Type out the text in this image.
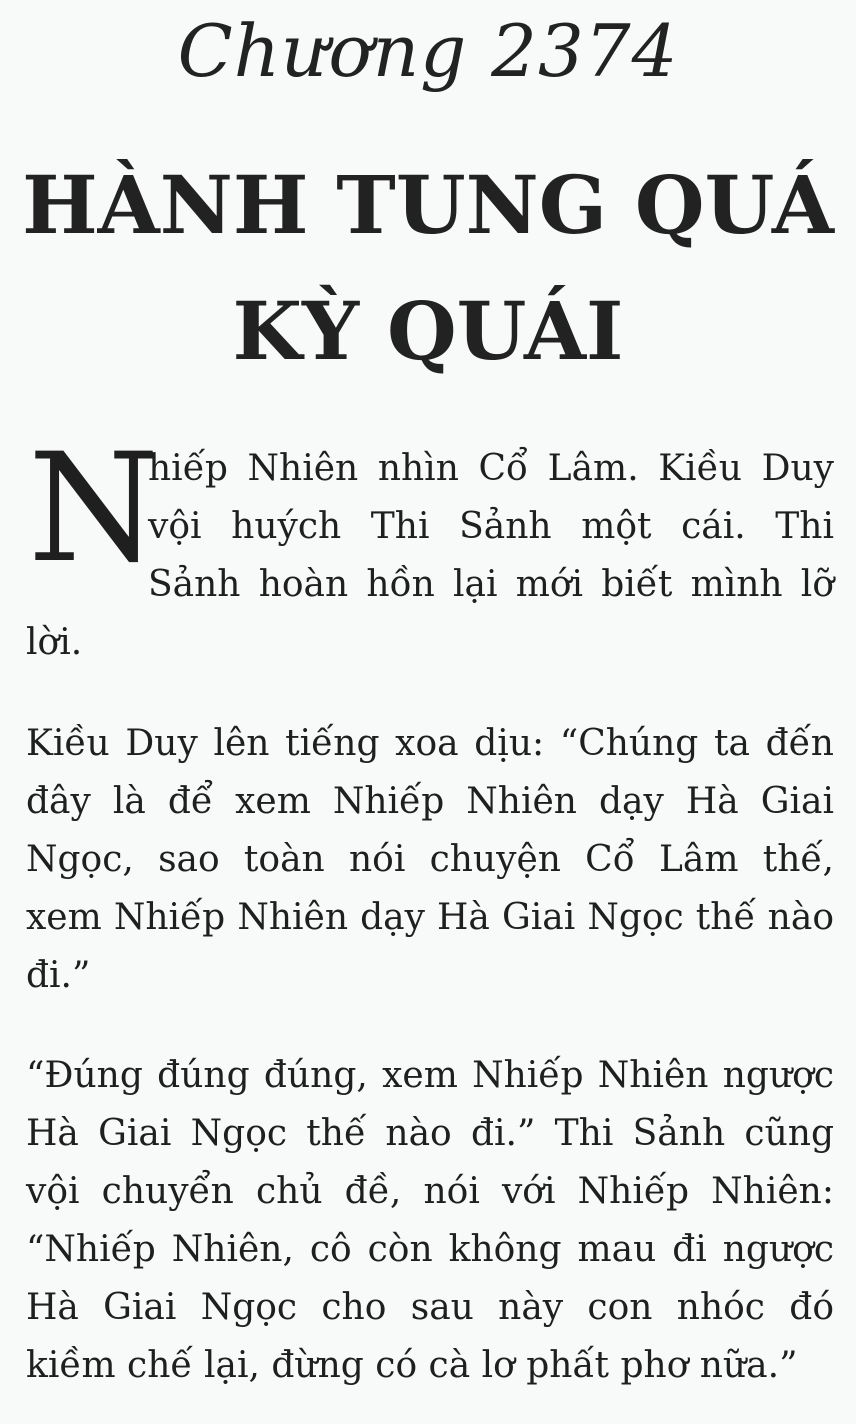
Chương 2374
HÀNH TUNG QUÁ
KỲ QUÁI
N
hiếp Nhiên nhìn Cổ Lâm. Kiều Duy
vội huých Thi Sảnh một cái. Thi
Sảnh hoàn hồn lại mới biết mình lỡ
lời.
Kiều Duy lên tiếng xoa dịu: “Chúng ta đến
đây là để xem Nhiếp Nhiên dạy Hà Giai
Ngọc, sao toàn nói chuyện Cổ Lâm thế,
xem Nhiếp Nhiên dạy Hà Giai Ngọc thế nào
đi.”
“Đúng đúng đúng, xem Nhiếp Nhiên ngược
Hà Giai Ngọc thế nào đi.” Thi Sảnh cũng
vội chuyển chủ đề, nói với Nhiếp Nhiên:
“Nhiếp Nhiên, cô còn không mau đi ngược
Hà Giai Ngọc cho sau này con nhóc đó
kiềm chế lại, đừng có cà lơ phất phơ nữa.”
